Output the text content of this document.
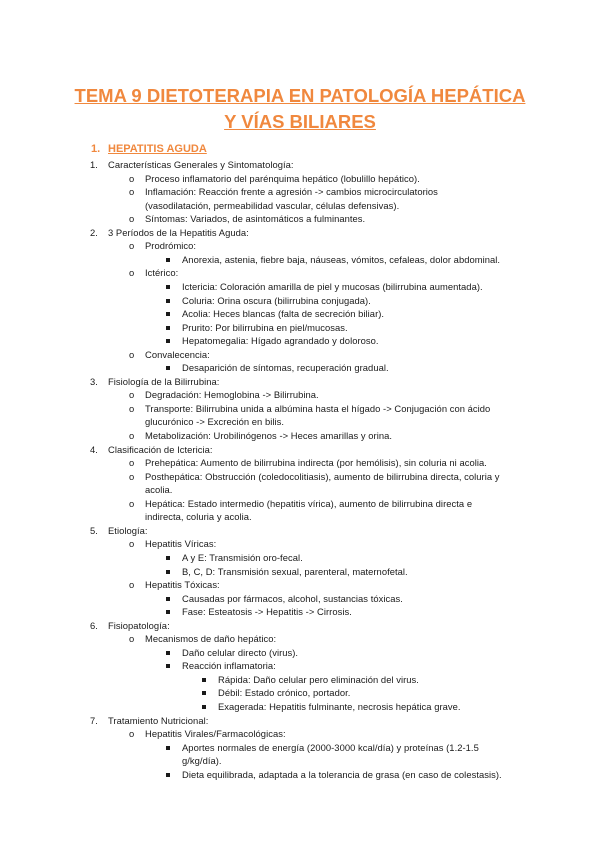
TEMA 9 DIETOTERAPIA EN PATOLOGÍA HEPÁTICA
Y VÍAS BILIARES
1. HEPATITIS AGUDA
1. Características Generales y Sintomatología:
o Proceso inflamatorio del parénquima hepático (lobulillo hepático).
o Inflamación: Reacción frente a agresión -> cambios microcirculatorios
(vasodilatación, permeabilidad vascular, células defensivas).
o Síntomas: Variados, de asintomáticos a fulminantes.
2. 3 Períodos de la Hepatitis Aguda:
o Prodrómico:
Anorexia, astenia, fiebre baja, náuseas, vómitos, cefaleas, dolor abdominal.
o Ictérico:
Ictericia: Coloración amarilla de piel y mucosas (bilirrubina aumentada).
Coluria: Orina oscura (bilirrubina conjugada).
Acolia: Heces blancas (falta de secreción biliar).
Prurito: Por bilirrubina en piel/mucosas.
Hepatomegalia: Hígado agrandado y doloroso.
o Convalecencia:
Desaparición de síntomas, recuperación gradual.
3. Fisiología de la Bilirrubina:
o Degradación: Hemoglobina -> Bilirrubina.
o Transporte: Bilirrubina unida a albúmina hasta el hígado -> Conjugación con ácido
glucurónico -> Excreción en bilis.
o Metabolización: Urobilinógenos -> Heces amarillas y orina.
4. Clasificación de Ictericia:
o Prehepática: Aumento de bilirrubina indirecta (por hemólisis), sin coluria ni acolia.
o Posthepática: Obstrucción (coledocolitiasis), aumento de bilirrubina directa, coluria y
acolia.
o Hepática: Estado intermedio (hepatitis vírica), aumento de bilirrubina directa e
indirecta, coluria y acolia.
5. Etiología:
o Hepatitis Víricas:
A y E: Transmisión oro-fecal.
B, C, D: Transmisión sexual, parenteral, maternofetal.
o Hepatitis Tóxicas:
Causadas por fármacos, alcohol, sustancias tóxicas.
Fase: Esteatosis -> Hepatitis -> Cirrosis.
6. Fisiopatología:
o Mecanismos de daño hepático:
Daño celular directo (virus).
Reacción inflamatoria:
Rápida: Daño celular pero eliminación del virus.
Débil: Estado crónico, portador.
Exagerada: Hepatitis fulminante, necrosis hepática grave.
7. Tratamiento Nutricional:
o Hepatitis Virales/Farmacológicas:
Aportes normales de energía (2000-3000 kcal/día) y proteínas (1.2-1.5
g/kg/día).
Dieta equilibrada, adaptada a la tolerancia de grasa (en caso de colestasis).
